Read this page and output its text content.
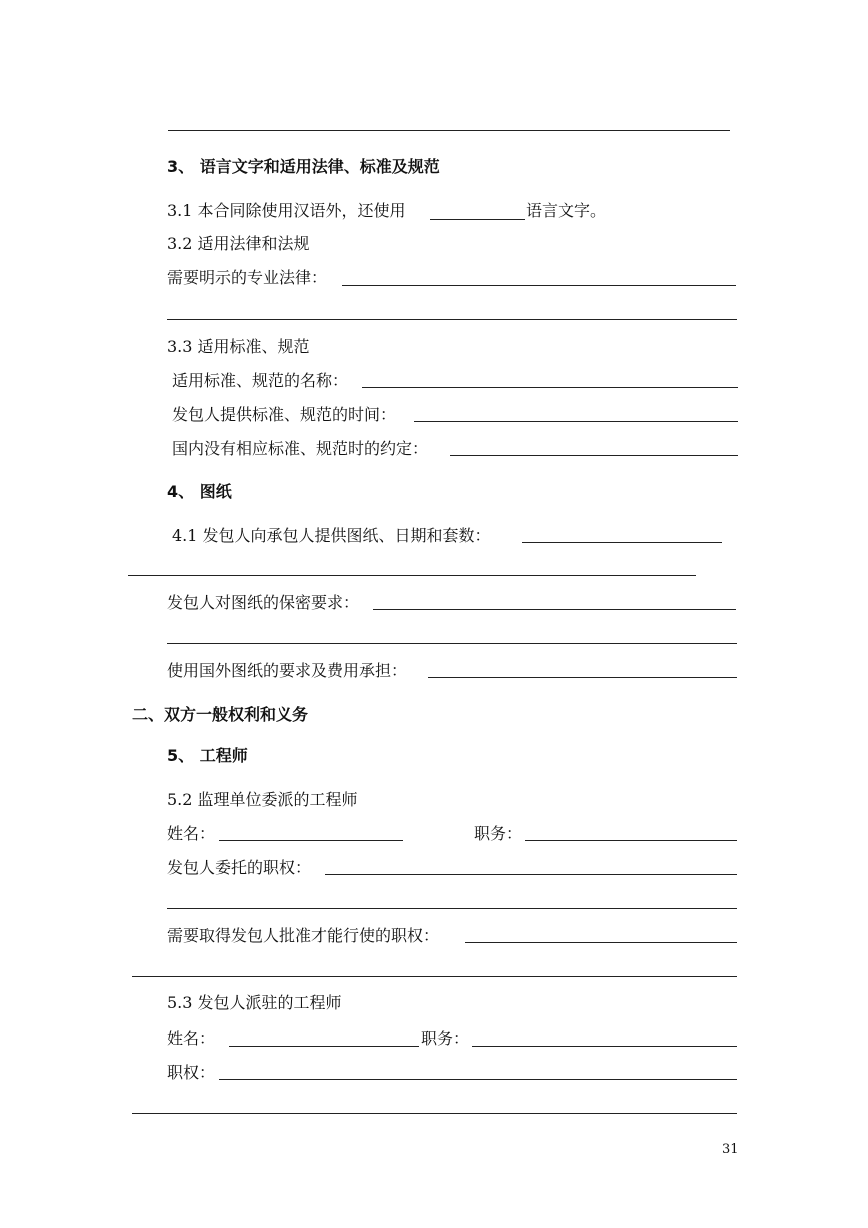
3、 语言文字和适用法律、标准及规范
3.1 本合同除使用汉语外，还使用	语言文字。
3.2 适用法律和法规
需要明示的专业法律：
3.3 适用标准、规范
适用标准、规范的名称：
发包人提供标准、规范的时间：
国内没有相应标准、规范时的约定：
4、 图纸
4.1 发包人向承包人提供图纸、日期和套数：
发包人对图纸的保密要求：
使用国外图纸的要求及费用承担：
二、双方一般权利和义务
5、 工程师
5.2 监理单位委派的工程师
姓名：	职务：
发包人委托的职权：
需要取得发包人批准才能行使的职权：
5.3 发包人派驻的工程师
姓名：	职务：
职权：
31
